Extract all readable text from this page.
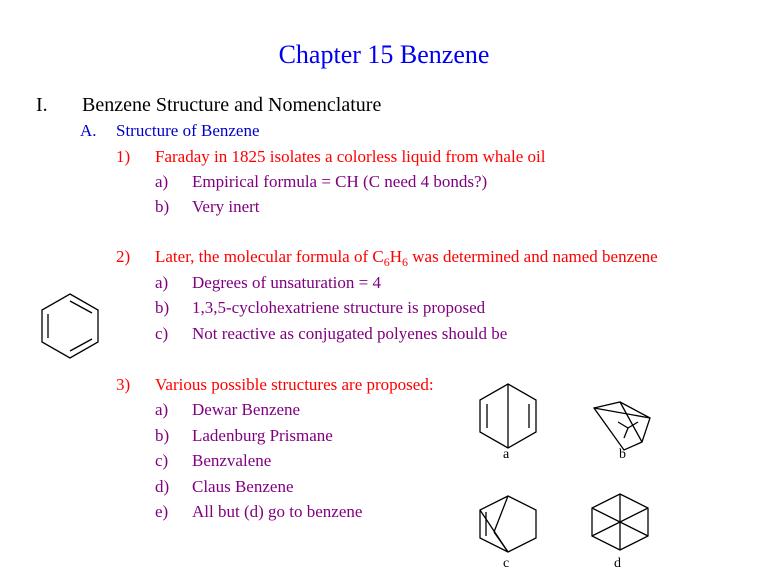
Chapter 15 Benzene
I. Benzene Structure and Nomenclature
A. Structure of Benzene
1) Faraday in 1825 isolates a colorless liquid from whale oil
a) Empirical formula = CH (C need 4 bonds?)
b) Very inert
2) Later, the molecular formula of $C_6H_6$ was determined and named benzene
a) Degrees of unsaturation = 4
b) 1,3,5-cyclohexatriene structure is proposed
c) Not reactive as conjugated polyenes should be
3) Various possible structures are proposed:
a) Dewar Benzene
b) Ladenburg Prismane
c) Benzvalene
d) Claus Benzene
e) All but (d) go to benzene
a	b
c	d
